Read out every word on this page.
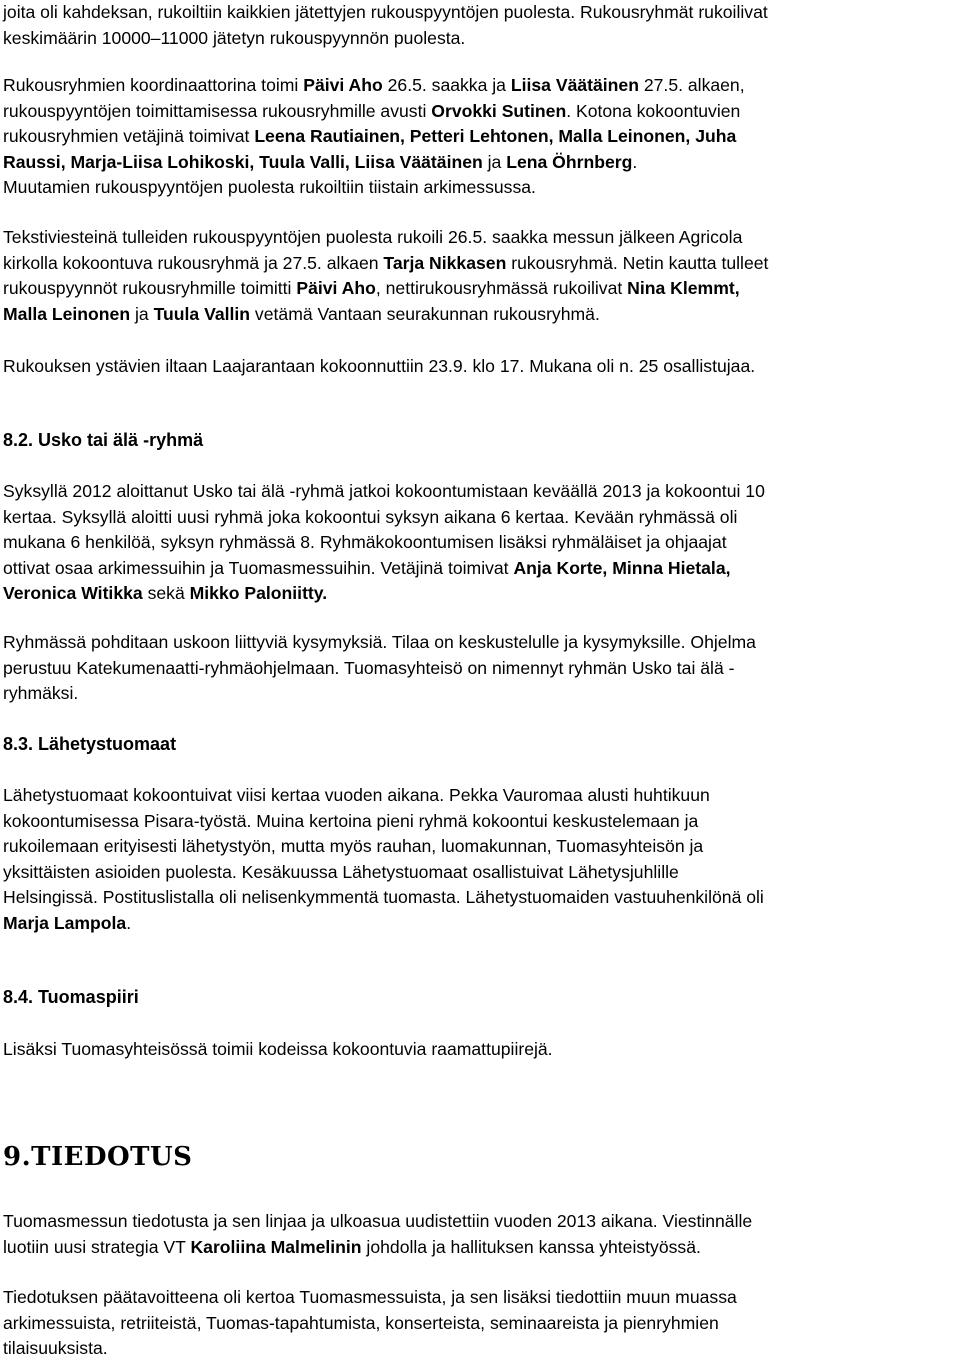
joita oli kahdeksan, rukoiltiin kaikkien jätettyjen rukouspyyntöjen puolesta. Rukousryhmät rukoilivat
keskimäärin 10000–11000 jätetyn rukouspyynnön puolesta.

Rukousryhmien koordinaattorina toimi Päivi Aho 26.5. saakka ja Liisa Väätäinen 27.5. alkaen,
rukouspyyntöjen toimittamisessa rukousryhmille avusti Orvokki Sutinen. Kotona kokoontuvien
rukousryhmien vetäjinä toimivat Leena Rautiainen, Petteri Lehtonen, Malla Leinonen, Juha
Raussi, Marja-Liisa Lohikoski, Tuula Valli, Liisa Väätäinen ja Lena Öhrnberg.
Muutamien rukouspyyntöjen puolesta rukoiltiin tiistain arkimessussa.

Tekstiviesteinä tulleiden rukouspyyntöjen puolesta rukoili 26.5. saakka messun jälkeen Agricola
kirkolla kokoontuva rukousryhmä ja 27.5. alkaen Tarja Nikkasen rukousryhmä. Netin kautta tulleet
rukouspyynnöt rukousryhmille toimitti Päivi Aho, nettirukousryhmässä rukoilivat Nina Klemmt,
Malla Leinonen ja Tuula Vallin vetämä Vantaan seurakunnan rukousryhmä.

Rukouksen ystävien iltaan Laajarantaan kokoonnuttiin 23.9. klo 17. Mukana oli n. 25 osallistujaa.

8.2. Usko tai älä -ryhmä

Syksyllä 2012 aloittanut Usko tai älä -ryhmä jatkoi kokoontumistaan keväällä 2013 ja kokoontui 10
kertaa. Syksyllä aloitti uusi ryhmä joka kokoontui syksyn aikana 6 kertaa. Kevään ryhmässä oli
mukana 6 henkilöä, syksyn ryhmässä 8. Ryhmäkokoontumisen lisäksi ryhmäläiset ja ohjaajat
ottivat osaa arkimessuihin ja Tuomasmessuihin. Vetäjinä toimivat Anja Korte, Minna Hietala,
Veronica Witikka sekä Mikko Paloniitty.

Ryhmässä pohditaan uskoon liittyviä kysymyksiä. Tilaa on keskustelulle ja kysymyksille. Ohjelma
perustuu Katekumenaatti-ryhmäohjelmaan. Tuomasyhteisö on nimennyt ryhmän Usko tai älä -
ryhmäksi.

8.3. Lähetystuomaat

Lähetystuomaat kokoontuivat viisi kertaa vuoden aikana. Pekka Vauromaa alusti huhtikuun
kokoontumisessa Pisara-työstä. Muina kertoina pieni ryhmä kokoontui keskustelemaan ja
rukoilemaan erityisesti lähetystyön, mutta myös rauhan, luomakunnan, Tuomasyhteisön ja
yksittäisten asioiden puolesta. Kesäkuussa Lähetystuomaat osallistuivat Lähetysjuhlille
Helsingissä. Postituslistalla oli nelisenkymmentä tuomasta. Lähetystuomaiden vastuuhenkilönä oli
Marja Lampola.

8.4. Tuomaspiiri

Lisäksi Tuomasyhteisössä toimii kodeissa kokoontuvia raamattupiirejä.

9.TIEDOTUS

Tuomasmessun tiedotusta ja sen linjaa ja ulkoasua uudistettiin vuoden 2013 aikana. Viestinnälle
luotiin uusi strategia VT Karoliina Malmelinin johdolla ja hallituksen kanssa yhteistyössä.

Tiedotuksen päätavoitteena oli kertoa Tuomasmessuista, ja sen lisäksi tiedottiin muun muassa
arkimessuista, retriiteistä, Tuomas-tapahtumista, konserteista, seminaareista ja pienryhmien
tilaisuuksista.
